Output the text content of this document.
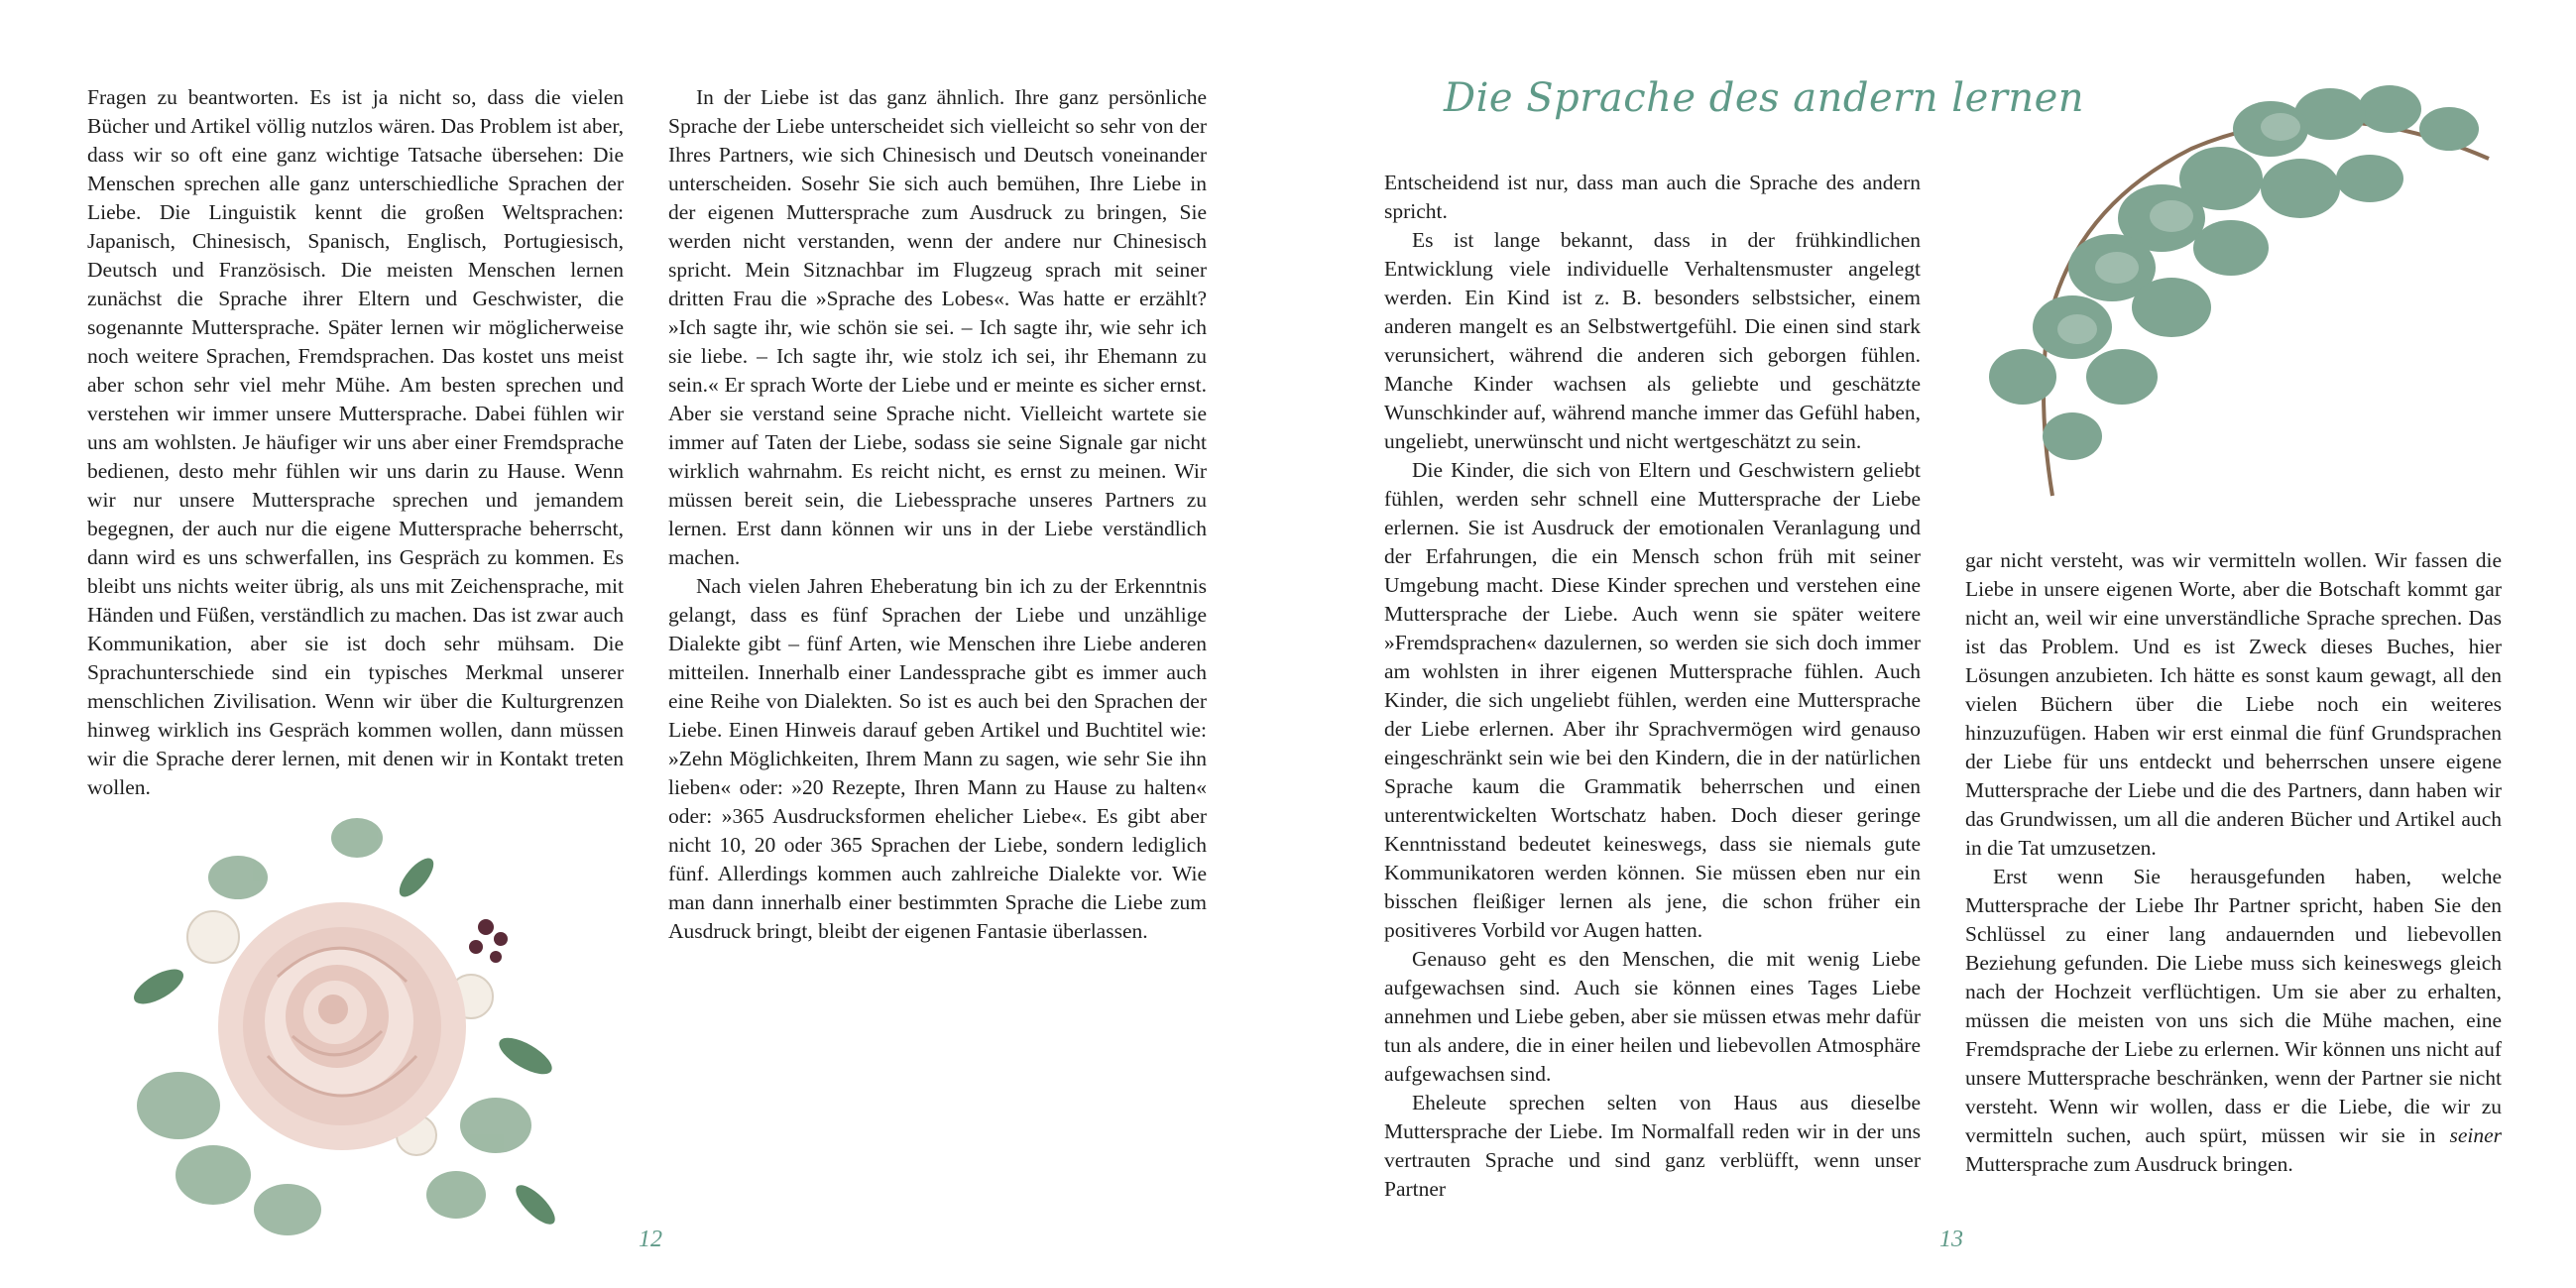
Fragen zu beantworten. Es ist ja nicht so, dass die vielen Bücher und Artikel völlig nutzlos wären. Das Problem ist aber, dass wir so oft eine ganz wichtige Tatsache übersehen: Die Menschen sprechen alle ganz unterschiedliche Sprachen der Liebe. Die Linguistik kennt die großen Weltsprachen: Japanisch, Chinesisch, Spanisch, Englisch, Portugiesisch, Deutsch und Französisch. Die meisten Menschen lernen zunächst die Sprache ihrer Eltern und Geschwister, die sogenannte Muttersprache. Später lernen wir möglicherweise noch weitere Sprachen, Fremdsprachen. Das kostet uns meist aber schon sehr viel mehr Mühe. Am besten sprechen und verstehen wir immer unsere Muttersprache. Dabei fühlen wir uns am wohlsten. Je häufiger wir uns aber einer Fremdsprache bedienen, desto mehr fühlen wir uns darin zu Hause. Wenn wir nur unsere Muttersprache sprechen und jemandem begegnen, der auch nur die eigene Muttersprache beherrscht, dann wird es uns schwerfallen, ins Gespräch zu kommen. Es bleibt uns nichts weiter übrig, als uns mit Zeichensprache, mit Händen und Füßen, verständlich zu machen. Das ist zwar auch Kommunikation, aber sie ist doch sehr mühsam. Die Sprachunterschiede sind ein typisches Merkmal unserer menschlichen Zivilisation. Wenn wir über die Kulturgrenzen hinweg wirklich ins Gespräch kommen wollen, dann müssen wir die Sprache derer lernen, mit denen wir in Kontakt treten wollen.

In der Liebe ist das ganz ähnlich. Ihre ganz persönliche Sprache der Liebe unterscheidet sich vielleicht so sehr von der Ihres Partners, wie sich Chinesisch und Deutsch voneinander unterscheiden. Sosehr Sie sich auch bemühen, Ihre Liebe in der eigenen Muttersprache zum Ausdruck zu bringen, Sie werden nicht verstanden, wenn der andere nur Chinesisch spricht. Mein Sitznachbar im Flugzeug sprach mit seiner dritten Frau die »Sprache des Lobes«. Was hatte er erzählt? »Ich sagte ihr, wie schön sie sei. – Ich sagte ihr, wie sehr ich sie liebe. – Ich sagte ihr, wie stolz ich sei, ihr Ehemann zu sein.« Er sprach Worte der Liebe und er meinte es sicher ernst. Aber sie verstand seine Sprache nicht. Vielleicht wartete sie immer auf Taten der Liebe, sodass sie seine Signale gar nicht wirklich wahrnahm. Es reicht nicht, es ernst zu meinen. Wir müssen bereit sein, die Liebessprache unseres Partners zu lernen. Erst dann können wir uns in der Liebe verständlich machen.

Nach vielen Jahren Eheberatung bin ich zu der Erkenntnis gelangt, dass es fünf Sprachen der Liebe und unzählige Dialekte gibt – fünf Arten, wie Menschen ihre Liebe anderen mitteilen. Innerhalb einer Landessprache gibt es immer auch eine Reihe von Dialekten. So ist es auch bei den Sprachen der Liebe. Einen Hinweis darauf geben Artikel und Buchtitel wie: »Zehn Möglichkeiten, Ihrem Mann zu sagen, wie sehr Sie ihn lieben« oder: »20 Rezepte, Ihren Mann zu Hause zu halten« oder: »365 Ausdrucksformen ehelicher Liebe«. Es gibt aber nicht 10, 20 oder 365 Sprachen der Liebe, sondern lediglich fünf. Allerdings kommen auch zahlreiche Dialekte vor. Wie man dann innerhalb einer bestimmten Sprache die Liebe zum Ausdruck bringt, bleibt der eigenen Fantasie überlassen.

12
Die Sprache des andern lernen

Entscheidend ist nur, dass man auch die Sprache des andern spricht.

Es ist lange bekannt, dass in der frühkindlichen Entwicklung viele individuelle Verhaltensmuster angelegt werden. Ein Kind ist z. B. besonders selbstsicher, einem anderen mangelt es an Selbstwertgefühl. Die einen sind stark verunsichert, während die anderen sich geborgen fühlen. Manche Kinder wachsen als geliebte und geschätzte Wunschkinder auf, während manche immer das Gefühl haben, ungeliebt, unerwünscht und nicht wertgeschätzt zu sein.

Die Kinder, die sich von Eltern und Geschwistern geliebt fühlen, werden sehr schnell eine Muttersprache der Liebe erlernen. Sie ist Ausdruck der emotionalen Veranlagung und der Erfahrungen, die ein Mensch schon früh mit seiner Umgebung macht. Diese Kinder sprechen und verstehen eine Muttersprache der Liebe. Auch wenn sie später weitere »Fremdsprachen« dazulernen, so werden sie sich doch immer am wohlsten in ihrer eigenen Muttersprache fühlen. Auch Kinder, die sich ungeliebt fühlen, werden eine Muttersprache der Liebe erlernen. Aber ihr Sprachvermögen wird genauso eingeschränkt sein wie bei den Kindern, die in der natürlichen Sprache kaum die Grammatik beherrschen und einen unterentwickelten Wortschatz haben. Doch dieser geringe Kenntnisstand bedeutet keineswegs, dass sie niemals gute Kommunikatoren werden können. Sie müssen eben nur ein bisschen fleißiger lernen als jene, die schon früher ein positiveres Vorbild vor Augen hatten.

Genauso geht es den Menschen, die mit wenig Liebe aufgewachsen sind. Auch sie können eines Tages Liebe annehmen und Liebe geben, aber sie müssen etwas mehr dafür tun als andere, die in einer heilen und liebevollen Atmosphäre aufgewachsen sind.

Eheleute sprechen selten von Haus aus dieselbe Muttersprache der Liebe. Im Normalfall reden wir in der uns vertrauten Sprache und sind ganz verblüfft, wenn unser Partner

gar nicht versteht, was wir vermitteln wollen. Wir fassen die Liebe in unsere eigenen Worte, aber die Botschaft kommt gar nicht an, weil wir eine unverständliche Sprache sprechen. Das ist das Problem. Und es ist Zweck dieses Buches, hier Lösungen anzubieten. Ich hätte es sonst kaum gewagt, all den vielen Büchern über die Liebe noch ein weiteres hinzuzufügen. Haben wir erst einmal die fünf Grundsprachen der Liebe für uns entdeckt und beherrschen unsere eigene Muttersprache der Liebe und die des Partners, dann haben wir das Grundwissen, um all die anderen Bücher und Artikel auch in die Tat umzusetzen.

Erst wenn Sie herausgefunden haben, welche Muttersprache der Liebe Ihr Partner spricht, haben Sie den Schlüssel zu einer lang andauernden und liebevollen Beziehung gefunden. Die Liebe muss sich keineswegs gleich nach der Hochzeit verflüchtigen. Um sie aber zu erhalten, müssen die meisten von uns sich die Mühe machen, eine Fremdsprache der Liebe zu erlernen. Wir können uns nicht auf unsere Muttersprache beschränken, wenn der Partner sie nicht versteht. Wenn wir wollen, dass er die Liebe, die wir zu vermitteln suchen, auch spürt, müssen wir sie in seiner Muttersprache zum Ausdruck bringen.

13
